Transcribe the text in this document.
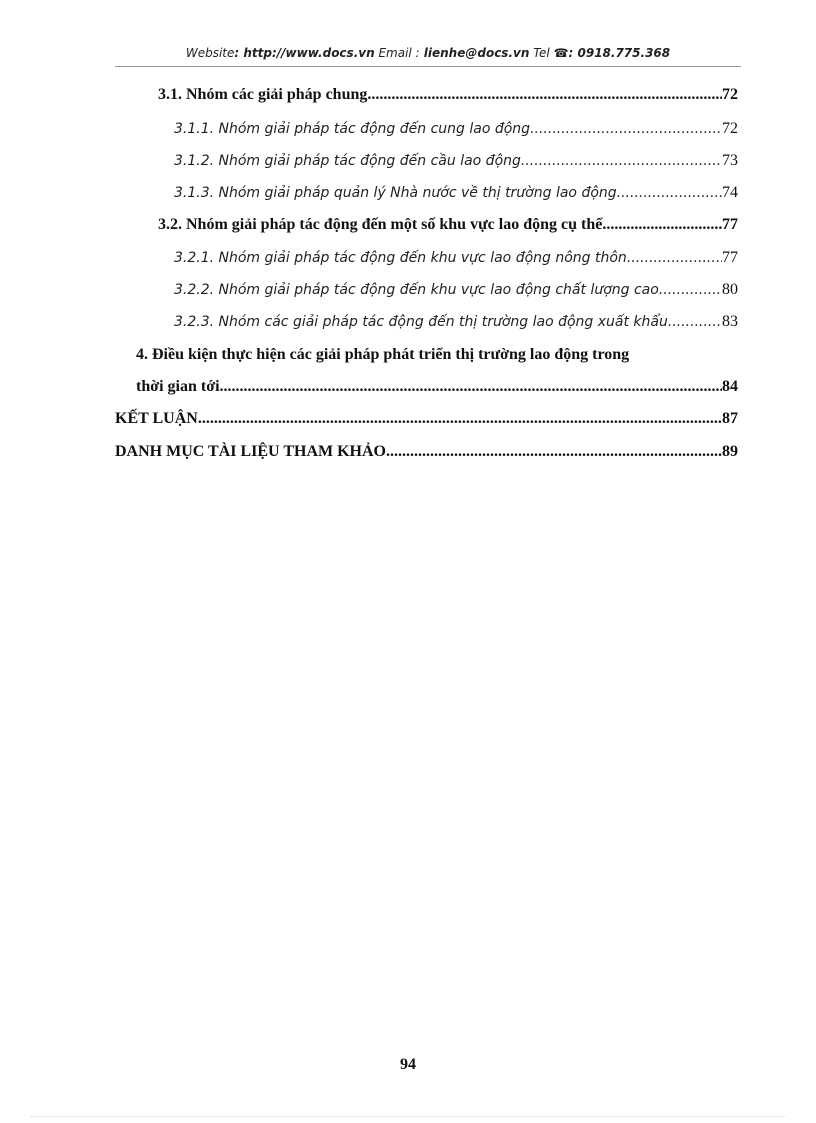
Website: http://www.docs.vn Email : lienhe@docs.vn Tel ☎: 0918.775.368
3.1. Nhóm các giải pháp chung .....	72
3.1.1. Nhóm giải pháp tác động đến cung lao động .....	72
3.1.2. Nhóm giải pháp tác động đến cầu lao động .....	73
3.1.3. Nhóm giải pháp quản lý Nhà nước về thị trường lao động .....	74
3.2. Nhóm giải pháp tác động đến một số khu vực lao động cụ thể .....	77
3.2.1. Nhóm giải pháp tác động đến khu vực lao động nông thôn .....	77
3.2.2. Nhóm giải pháp tác động đến khu vực lao động chất lượng cao .....	80
3.2.3. Nhóm các giải pháp tác động đến thị trường lao động xuất khẩu .....	83
4. Điều kiện thực hiện các giải pháp phát triển thị trường lao động trong
thời gian tới .....	84
KẾT LUẬN .....	87
DANH MỤC TÀI LIỆU THAM KHẢO .....	89
94
